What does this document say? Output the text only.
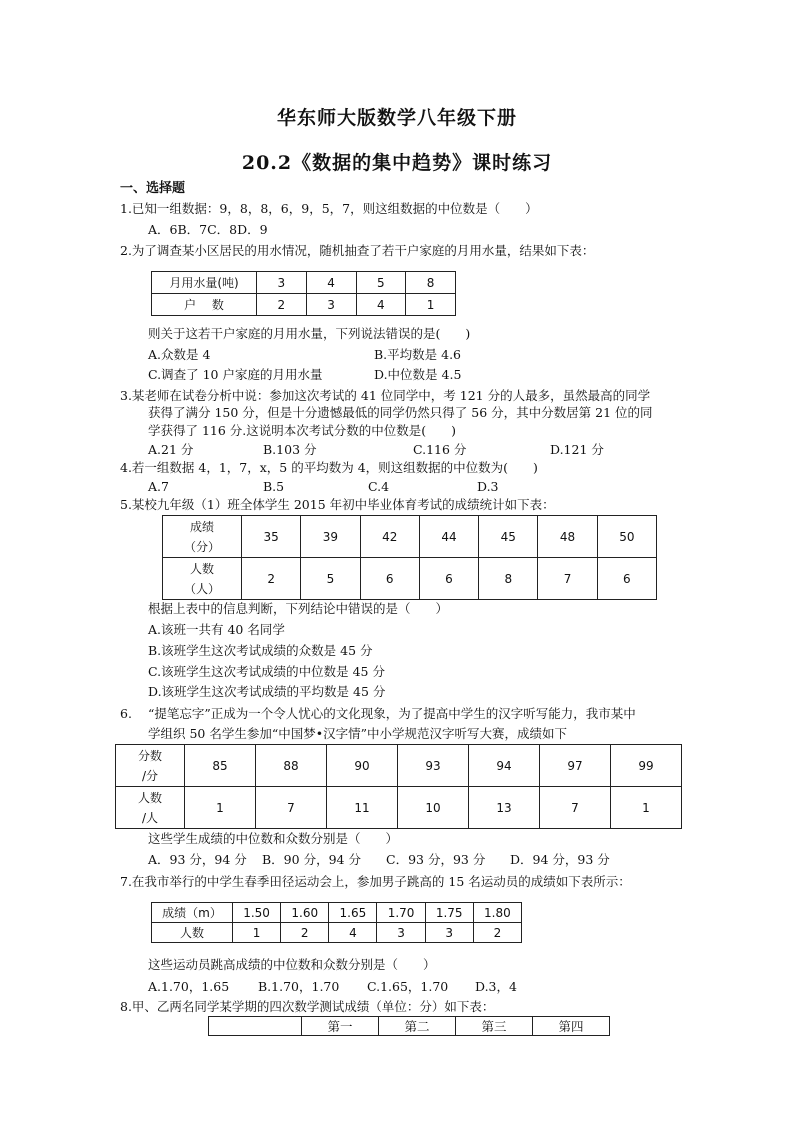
华东师大版数学八年级下册
20.2《数据的集中趋势》课时练习
一、选择题
1.已知一组数据：9，8，8，6，9，5，7，则这组数据的中位数是（　　）
A．6B．7C．8D．9
2.为了调查某小区居民的用水情况，随机抽查了若干户家庭的月用水量，结果如下表：
月用水量(吨)	3	4	5	8
户　 数	2	3	4	1
则关于这若干户家庭的月用水量，下列说法错误的是(　　)
A.众数是 4	B.平均数是 4.6
C.调查了 10 户家庭的月用水量	D.中位数是 4.5
3.某老师在试卷分析中说：参加这次考试的 41 位同学中，考 121 分的人最多，虽然最高的同学
获得了满分 150 分，但是十分遗憾最低的同学仍然只得了 56 分，其中分数居第 21 位的同
学获得了 116 分.这说明本次考试分数的中位数是(　　)
A.21 分	B.103 分	C.116 分	D.121 分
4.若一组数据 4，1，7，x，5 的平均数为 4，则这组数据的中位数为(　　)
A.7	B.5	C.4	D.3
5.某校九年级（1）班全体学生 2015 年初中毕业体育考试的成绩统计如下表：
成绩
（分）	35	39	42	44	45	48	50
人数
（人）	2	5	6	6	8	7	6
根据上表中的信息判断，下列结论中错误的是（　　）
A.该班一共有 40 名同学
B.该班学生这次考试成绩的众数是 45 分
C.该班学生这次考试成绩的中位数是 45 分
D.该班学生这次考试成绩的平均数是 45 分
6. “提笔忘字”正成为一个令人忧心的文化现象，为了提高中学生的汉字听写能力，我市某中
学组织 50 名学生参加“中国梦•汉字情”中小学规范汉字听写大赛，成绩如下
分数
/分	85	88	90	93	94	97	99
人数
/人	1	7	11	10	13	7	1
这些学生成绩的中位数和众数分别是（　　）
A．93 分，94 分 B．90 分，94 分 C．93 分，93 分 D．94 分，93 分
7.在我市举行的中学生春季田径运动会上，参加男子跳高的 15 名运动员的成绩如下表所示：
成绩（m）	1.50	1.60	1.65	1.70	1.75	1.80
人数	1	2	4	3	3	2
这些运动员跳高成绩的中位数和众数分别是（　　）
A.1.70，1.65 B.1.70，1.70 C.1.65，1.70 D.3，4
8.甲、乙两名同学某学期的四次数学测试成绩（单位：分）如下表：
	第一	第二	第三	第四
